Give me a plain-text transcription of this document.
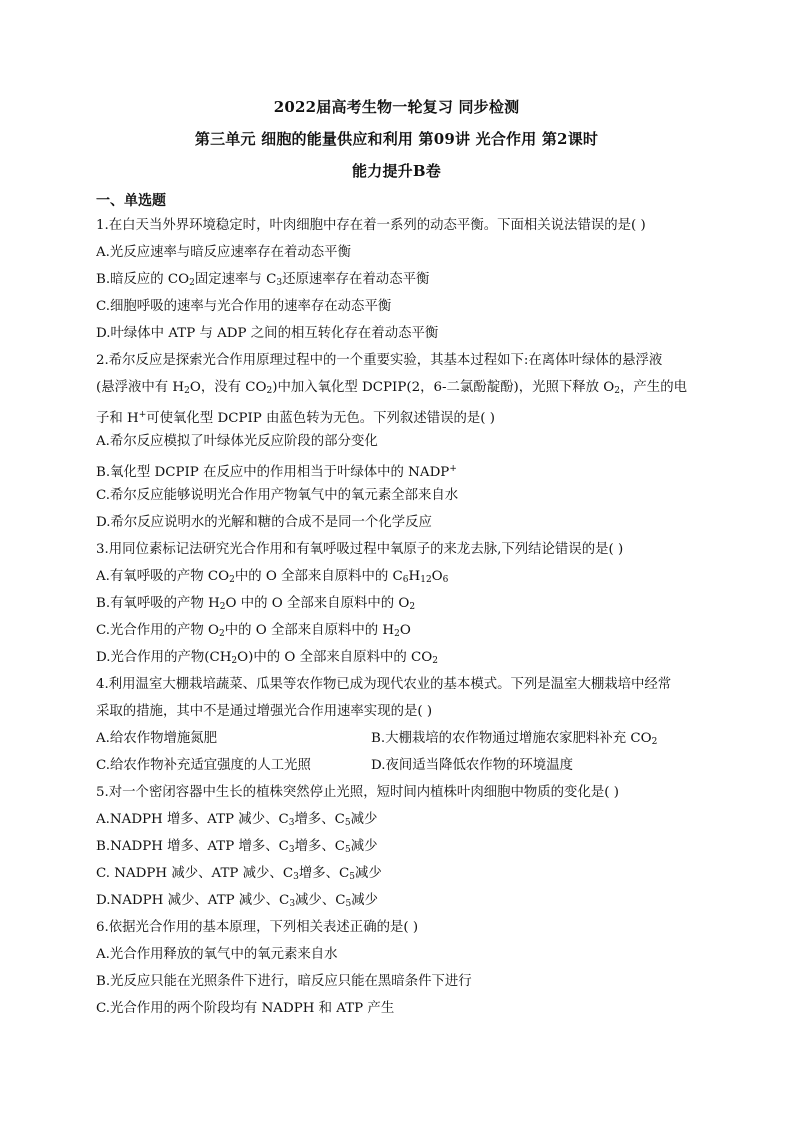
2022届高考生物一轮复习 同步检测
第三单元 细胞的能量供应和利用 第09讲 光合作用 第2课时
能力提升B卷
一、单选题
1.在白天当外界环境稳定时，叶肉细胞中存在着一系列的动态平衡。下面相关说法错误的是( )
A.光反应速率与暗反应速率存在着动态平衡
B.暗反应的 $CO_2$固定速率与 $C_3$还原速率存在着动态平衡
C.细胞呼吸的速率与光合作用的速率存在动态平衡
D.叶绿体中 ATP 与 ADP 之间的相互转化存在着动态平衡
2.希尔反应是探索光合作用原理过程中的一个重要实验，其基本过程如下:在离体叶绿体的悬浮液
(悬浮液中有 $H_2O$，没有 $CO_2$)中加入氧化型 DCPIP(2，6-二氯酚靛酚)，光照下释放 $O_2$，产生的电
子和 H+可使氧化型 DCPIP 由蓝色转为无色。下列叙述错误的是( )
A.希尔反应模拟了叶绿体光反应阶段的部分变化
B.氧化型 DCPIP 在反应中的作用相当于叶绿体中的 NADP+
C.希尔反应能够说明光合作用产物氧气中的氧元素全部来自水
D.希尔反应说明水的光解和糖的合成不是同一个化学反应
3.用同位素标记法研究光合作用和有氧呼吸过程中氧原子的来龙去脉,下列结论错误的是( )
A.有氧呼吸的产物 $CO_2$中的 O 全部来自原料中的 $C_6H_{12}O_6$
B.有氧呼吸的产物 $H_2O$ 中的 O 全部来自原料中的 $O_2$
C.光合作用的产物 $O_2$中的 O 全部来自原料中的 $H_2O$
D.光合作用的产物$(CH_2O)$中的 O 全部来自原料中的 $CO_2$
4.利用温室大棚栽培蔬菜、瓜果等农作物已成为现代农业的基本模式。下列是温室大棚栽培中经常
采取的措施，其中不是通过增强光合作用速率实现的是( )
A.给农作物增施氮肥	B.大棚栽培的农作物通过增施农家肥料补充 $CO_2$
C.给农作物补充适宜强度的人工光照	D.夜间适当降低农作物的环境温度
5.对一个密闭容器中生长的植株突然停止光照，短时间内植株叶肉细胞中物质的变化是( )
A.NADPH 增多、ATP 减少、$C_3$增多、$C_5$减少
B.NADPH 增多、ATP 增多、$C_3$增多、$C_5$减少
C. NADPH 减少、ATP 减少、$C_3$增多、$C_5$减少
D.NADPH 减少、ATP 减少、$C_3$减少、$C_5$减少
6.依据光合作用的基本原理，下列相关表述正确的是( )
A.光合作用释放的氧气中的氧元素来自水
B.光反应只能在光照条件下进行，暗反应只能在黑暗条件下进行
C.光合作用的两个阶段均有 NADPH 和 ATP 产生
